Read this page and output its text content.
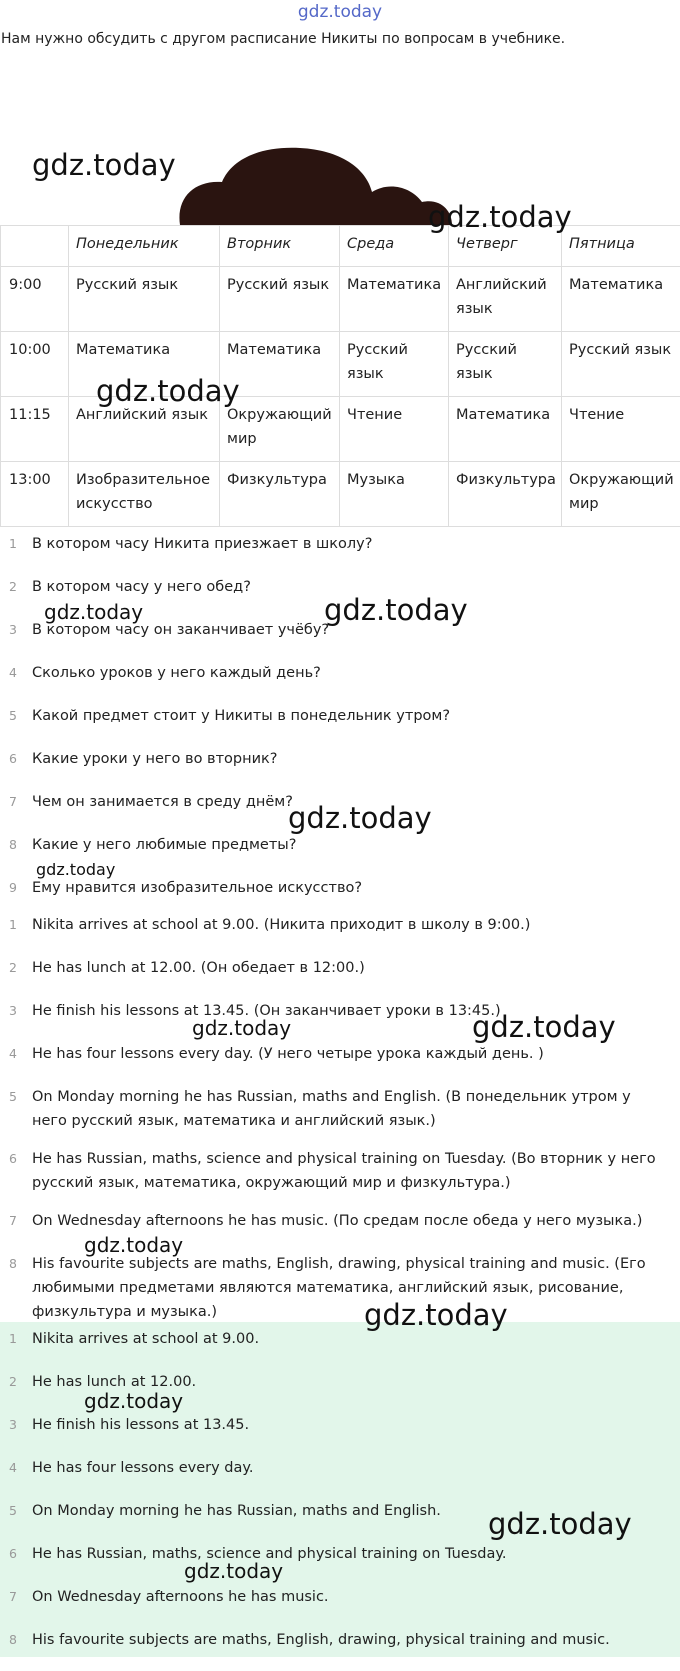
gdz.today
Нам нужно обсудить с другом расписание Никиты по вопросам в учебнике.
	Понедельник	Вторник	Среда	Четверг	Пятница
9:00	Русский язык	Русский язык	Математика	Английский язык	Математика
10:00	Математика	Математика	Русский язык	Русский язык	Русский язык
11:15	Английский язык	Окружающий мир	Чтение	Математика	Чтение
13:00	Изобразительное искусство	Физкультура	Музыка	Физкультура	Окружающий мир
1	В котором часу Никита приезжает в школу?
2	В котором часу у него обед?
3	В котором часу он заканчивает учёбу?
4	Сколько уроков у него каждый день?
5	Какой предмет стоит у Никиты в понедельник утром?
6	Какие уроки у него во вторник?
7	Чем он занимается в среду днём?
8	Какие у него любимые предметы?
9	Ему нравится изобразительное искусство?
1	Nikita arrives at school at 9.00. (Никита приходит в школу в 9:00.)
2	He has lunch at 12.00. (Он обедает в 12:00.)
3	He finish his lessons at 13.45. (Он заканчивает уроки в 13:45.)
4	He has four lessons every day. (У него четыре урока каждый день. )
5	On Monday morning he has Russian, maths and English. (В понедельник утром у него русский язык, математика и английский язык.)
6	He has Russian, maths, science and physical training on Tuesday. (Во вторник у него русский язык, математика, окружающий мир и физкультура.)
7	On Wednesday afternoons he has music. (По средам после обеда у него музыка.)
8	His favourite subjects are maths, English, drawing, physical training and music. (Его любимыми предметами являются математика, английский язык, рисование, физкультура и музыка.)
1	Nikita arrives at school at 9.00.
2	He has lunch at 12.00.
3	He finish his lessons at 13.45.
4	He has four lessons every day.
5	On Monday morning he has Russian, maths and English.
6	He has Russian, maths, science and physical training on Tuesday.
7	On Wednesday afternoons he has music.
8	His favourite subjects are maths, English, drawing, physical training and music.
gdz.today
gdz.today
gdz.today
gdz.today	gdz.today
gdz.today
gdz.today
gdz.today	gdz.today
gdz.today
gdz.today
gdz.today
gdz.today
gdz.today
